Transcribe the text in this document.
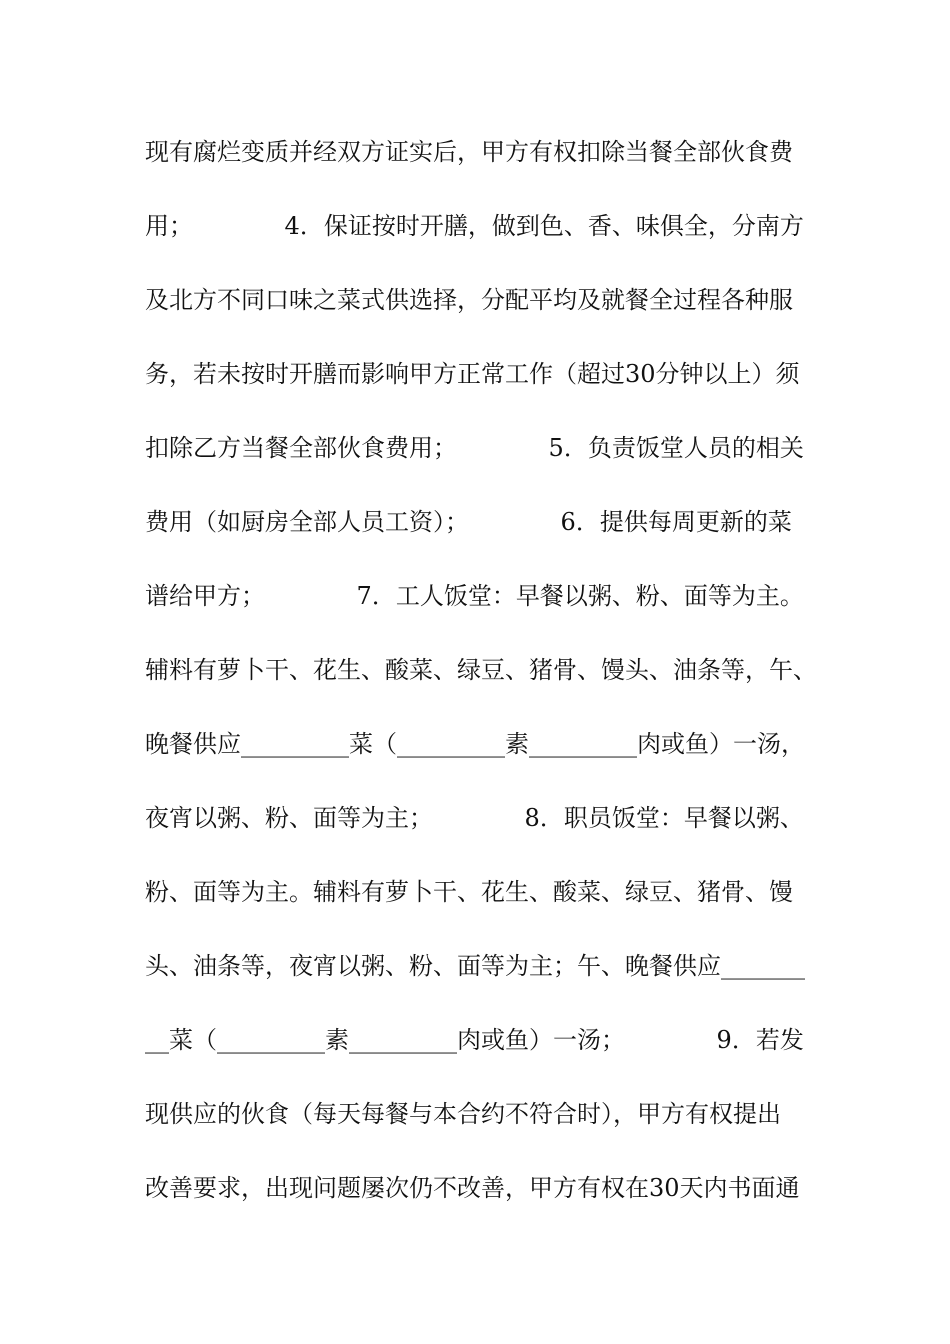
现有腐烂变质并经双方证实后，甲方有权扣除当餐全部伙食费
用；            4．保证按时开膳，做到色、香、味俱全，分南方
及北方不同口味之菜式供选择，分配平均及就餐全过程各种服
务，若未按时开膳而影响甲方正常工作（超过30分钟以上）须
扣除乙方当餐全部伙食费用；            5．负责饭堂人员的相关
费用（如厨房全部人员工资）；            6．提供每周更新的菜
谱给甲方；            7．工人饭堂：早餐以粥、粉、面等为主。
辅料有萝卜干、花生、酸菜、绿豆、猪骨、馒头、油条等，午、
晚餐供应_________菜（_________素_________肉或鱼）一汤，
夜宵以粥、粉、面等为主；            8．职员饭堂：早餐以粥、
粉、面等为主。辅料有萝卜干、花生、酸菜、绿豆、猪骨、馒
头、油条等，夜宵以粥、粉、面等为主；午、晚餐供应_______
__菜（_________素_________肉或鱼）一汤；            9．若发
现供应的伙食（每天每餐与本合约不符合时），甲方有权提出
改善要求，出现问题屡次仍不改善，甲方有权在30天内书面通
